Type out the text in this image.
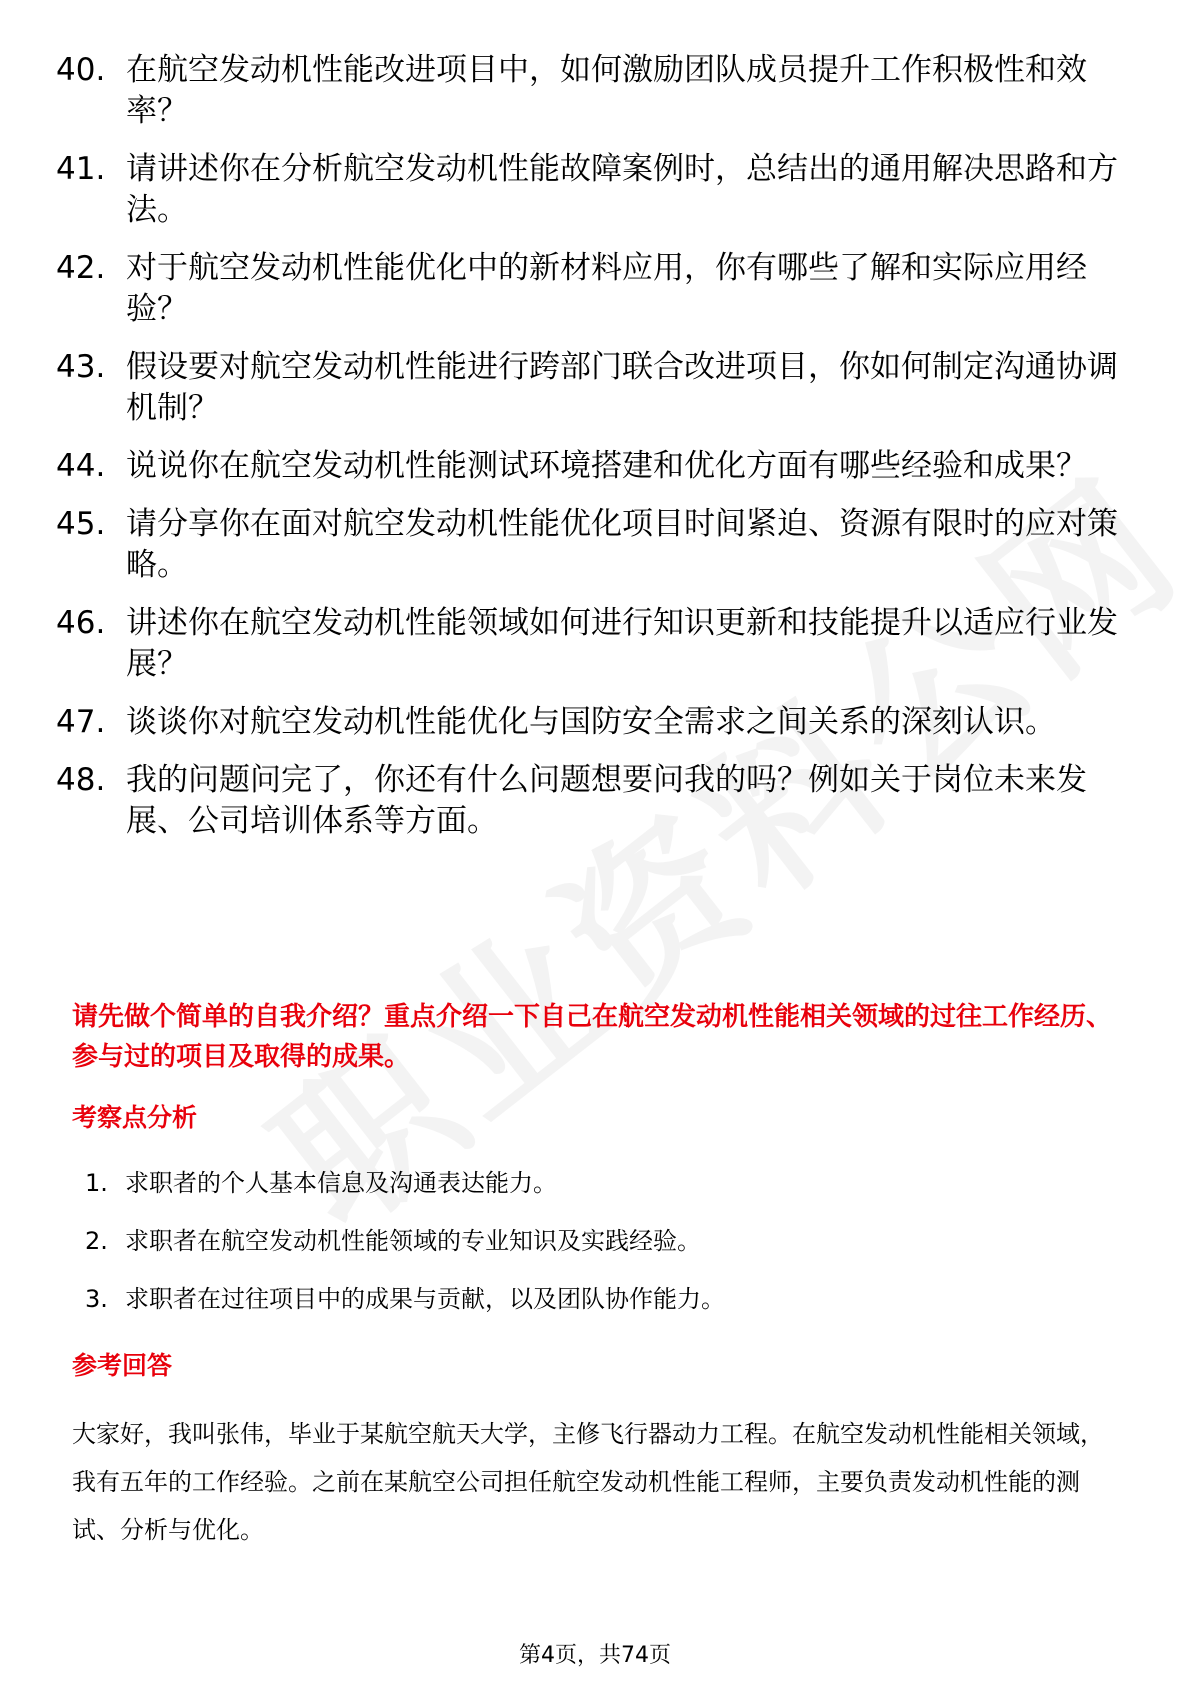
40. 在航空发动机性能改进项目中，如何激励团队成员提升工作积极性和效率？
41. 请讲述你在分析航空发动机性能故障案例时，总结出的通用解决思路和方法。
42. 对于航空发动机性能优化中的新材料应用，你有哪些了解和实际应用经验？
43. 假设要对航空发动机性能进行跨部门联合改进项目，你如何制定沟通协调机制？
44. 说说你在航空发动机性能测试环境搭建和优化方面有哪些经验和成果？
45. 请分享你在面对航空发动机性能优化项目时间紧迫、资源有限时的应对策略。
46. 讲述你在航空发动机性能领域如何进行知识更新和技能提升以适应行业发展？
47. 谈谈你对航空发动机性能优化与国防安全需求之间关系的深刻认识。
48. 我的问题问完了，你还有什么问题想要问我的吗？例如关于岗位未来发展、公司培训体系等方面。
请先做个简单的自我介绍？重点介绍一下自己在航空发动机性能相关领域的过往工作经历、参与过的项目及取得的成果。
考察点分析
1. 求职者的个人基本信息及沟通表达能力。
2. 求职者在航空发动机性能领域的专业知识及实践经验。
3. 求职者在过往项目中的成果与贡献，以及团队协作能力。
参考回答
大家好，我叫张伟，毕业于某航空航天大学，主修飞行器动力工程。在航空发动机性能相关领域，我有五年的工作经验。之前在某航空公司担任航空发动机性能工程师，主要负责发动机性能的测试、分析与优化。
第4页，共74页
